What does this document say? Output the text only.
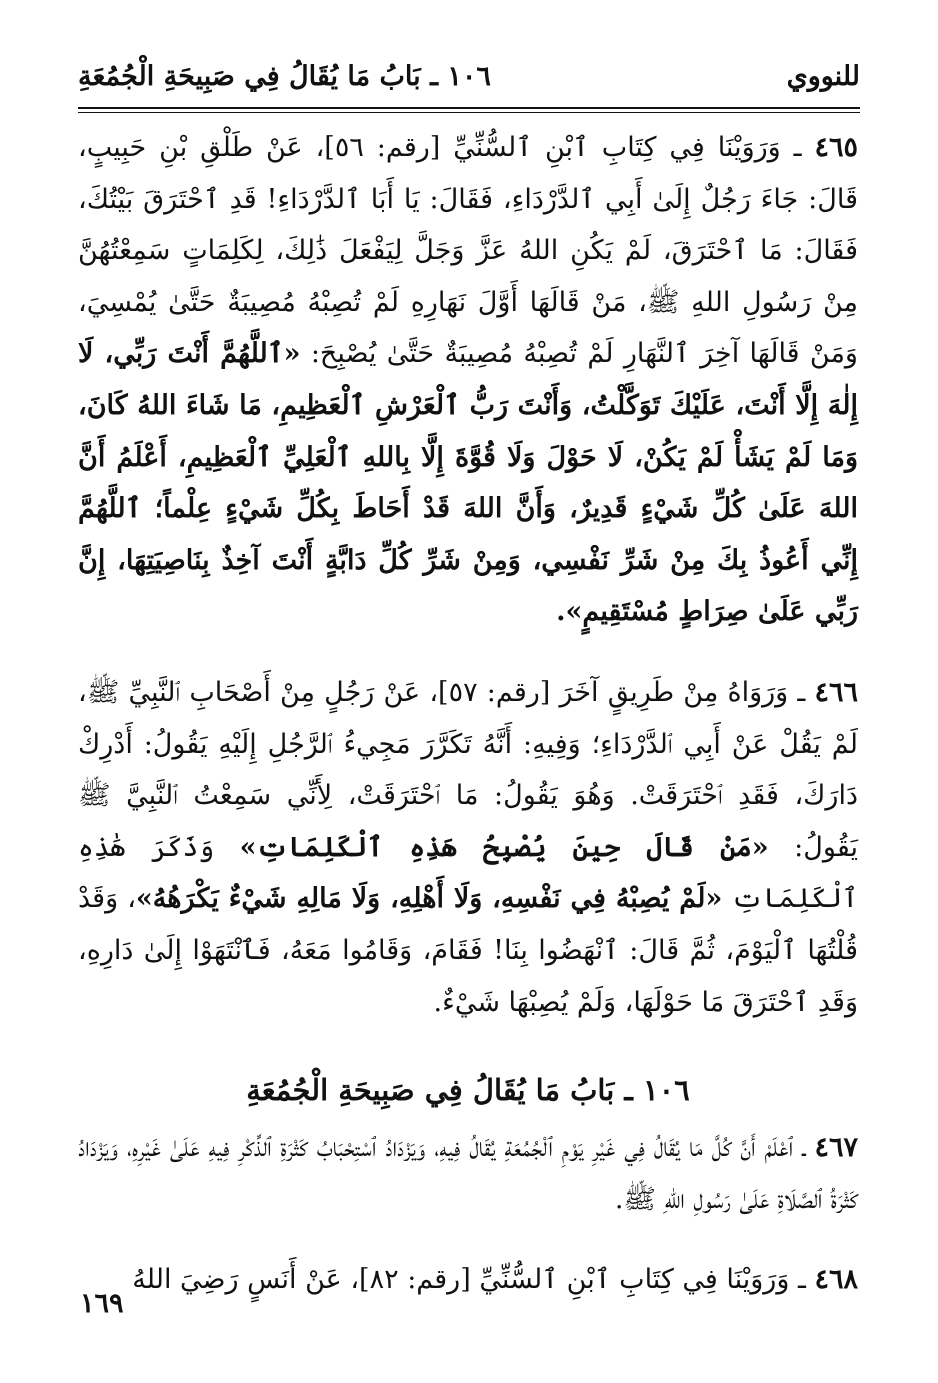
للنووي
١٠٦ ـ بَابُ مَا يُقَالُ فِي صَبِيحَةِ الْجُمُعَةِ

٤٦٥ ـ وَرَوَيْنَا فِي كِتَابِ ٱبْنِ ٱلسُّنِّيِّ [رقم: ٥٦]، عَنْ طَلْقِ بْنِ حَبِيبٍ، قَالَ: جَاءَ رَجُلٌ إِلَىٰ أَبِي ٱلدَّرْدَاءِ، فَقَالَ: يَا أَبَا ٱلدَّرْدَاءِ! قَدِ ٱحْتَرَقَ بَيْتُكَ، فَقَالَ: مَا ٱحْتَرَقَ، لَمْ يَكُنِ اللهُ عَزَّ وَجَلَّ لِيَفْعَلَ ذَٰلِكَ، لِكَلِمَاتٍ سَمِعْتُهُنَّ مِنْ رَسُولِ اللهِ ﷺ، مَنْ قَالَهَا أَوَّلَ نَهَارِهِ لَمْ تُصِبْهُ مُصِيبَةٌ حَتَّىٰ يُمْسِيَ، وَمَنْ قَالَهَا آخِرَ ٱلنَّهَارِ لَمْ تُصِبْهُ مُصِيبَةٌ حَتَّىٰ يُصْبِحَ: «ٱللَّهُمَّ أَنْتَ رَبِّي، لَا إِلٰهَ إِلَّا أَنْتَ، عَلَيْكَ تَوَكَّلْتُ، وَأَنْتَ رَبُّ ٱلْعَرْشِ ٱلْعَظِيمِ، مَا شَاءَ اللهُ كَانَ، وَمَا لَمْ يَشَأْ لَمْ يَكُنْ، لَا حَوْلَ وَلَا قُوَّةَ إِلَّا بِاللهِ ٱلْعَلِيِّ ٱلْعَظِيمِ، أَعْلَمُ أَنَّ اللهَ عَلَىٰ كُلِّ شَيْءٍ قَدِيرٌ، وَأَنَّ اللهَ قَدْ أَحَاطَ بِكُلِّ شَيْءٍ عِلْماً؛ ٱللَّهُمَّ إِنِّي أَعُوذُ بِكَ مِنْ شَرِّ نَفْسِي، وَمِنْ شَرِّ كُلِّ دَابَّةٍ أَنْتَ آخِذٌ بِنَاصِيَتِهَا، إِنَّ رَبِّي عَلَىٰ صِرَاطٍ مُسْتَقِيمٍ».

٤٦٦ ـ وَرَوَاهُ مِنْ طَرِيقٍ آخَرَ [رقم: ٥٧]، عَنْ رَجُلٍ مِنْ أَصْحَابِ ٱلنَّبِيِّ ﷺ، لَمْ يَقُلْ عَنْ أَبِي ٱلدَّرْدَاءِ؛ وَفِيهِ: أَنَّهُ تَكَرَّرَ مَجِيءُ ٱلرَّجُلِ إِلَيْهِ يَقُولُ: أَدْرِكْ دَارَكَ، فَقَدِ ٱحْتَرَقَتْ. وَهُوَ يَقُولُ: مَا ٱحْتَرَقَتْ، لِأَنِّي سَمِعْتُ ٱلنَّبِيَّ ﷺ يَقُولُ: «مَنْ قَالَ حِينَ يُصْبِحُ هَذِهِ ٱلْكَلِمَاتِ» وَذَكَرَ هَٰذِهِ ٱلْكَلِمَاتِ «لَمْ يُصِبْهُ فِي نَفْسِهِ، وَلَا أَهْلِهِ، وَلَا مَالِهِ شَيْءٌ يَكْرَهُهُ»، وَقَدْ قُلْتُهَا ٱلْيَوْمَ، ثُمَّ قَالَ: ٱنْهَضُوا بِنَا! فَقَامَ، وَقَامُوا مَعَهُ، فَٱنْتَهَوْا إِلَىٰ دَارِهِ، وَقَدِ ٱحْتَرَقَ مَا حَوْلَهَا، وَلَمْ يُصِبْهَا شَيْءٌ.

١٠٦ ـ بَابُ مَا يُقَالُ فِي صَبِيحَةِ الْجُمُعَةِ

٤٦٧ ـ ٱعْلَمْ أَنَّ كُلَّ مَا يُقَالُ فِي غَيْرِ يَوْمِ ٱلْجُمُعَةِ يُقَالُ فِيهِ، وَيَزْدَادُ ٱسْتِحْبَابُ كَثْرَةِ ٱلذِّكْرِ فِيهِ عَلَىٰ غَيْرِهِ، وَيَزْدَادُ كَثْرَةُ ٱلصَّلَاةِ عَلَىٰ رَسُولِ اللهِ ﷺ.

٤٦٨ ـ وَرَوَيْنَا فِي كِتَابِ ٱبْنِ ٱلسُّنِّيِّ [رقم: ٨٢]، عَنْ أَنَسٍ رَضِيَ اللهُ

١٦٩
